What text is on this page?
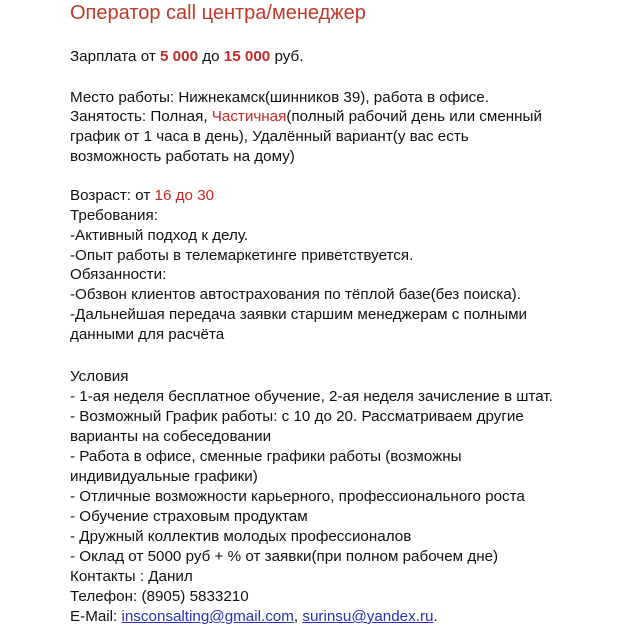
Оператор call центра/менеджер
Зарплата от 5 000 до 15 000 руб.
Место работы: Нижнекамск(шинников 39), работа в офисе.
Занятость: Полная, Частичная(полный рабочий день или сменный
график от 1 часа в день), Удалённый вариант(у вас есть
возможность работать на дому)
Возраст: от 16 до 30
Требования:
-Активный подход к делу.
-Опыт работы в телемаркетинге приветствуется.
Обязанности:
-Обзвон клиентов автострахования по тёплой базе(без поиска).
-Дальнейшая передача заявки старшим менеджерам с полными
данными для расчёта
Условия
- 1-ая неделя бесплатное обучение, 2-ая неделя зачисление в штат.
- Возможный График работы: с 10 до 20. Рассматриваем другие
варианты на собеседовании
- Работа в офисе, сменные графики работы (возможны
индивидуальные графики)
- Отличные возможности карьерного, профессионального роста
- Обучение страховым продуктам
- Дружный коллектив молодых профессионалов
- Оклад от 5000 руб + % от заявки(при полном рабочем дне)
Контакты : Данил
Телефон: (8905) 5833210
E-Mail: insconsalting@gmail.com, surinsu@yandex.ru.
